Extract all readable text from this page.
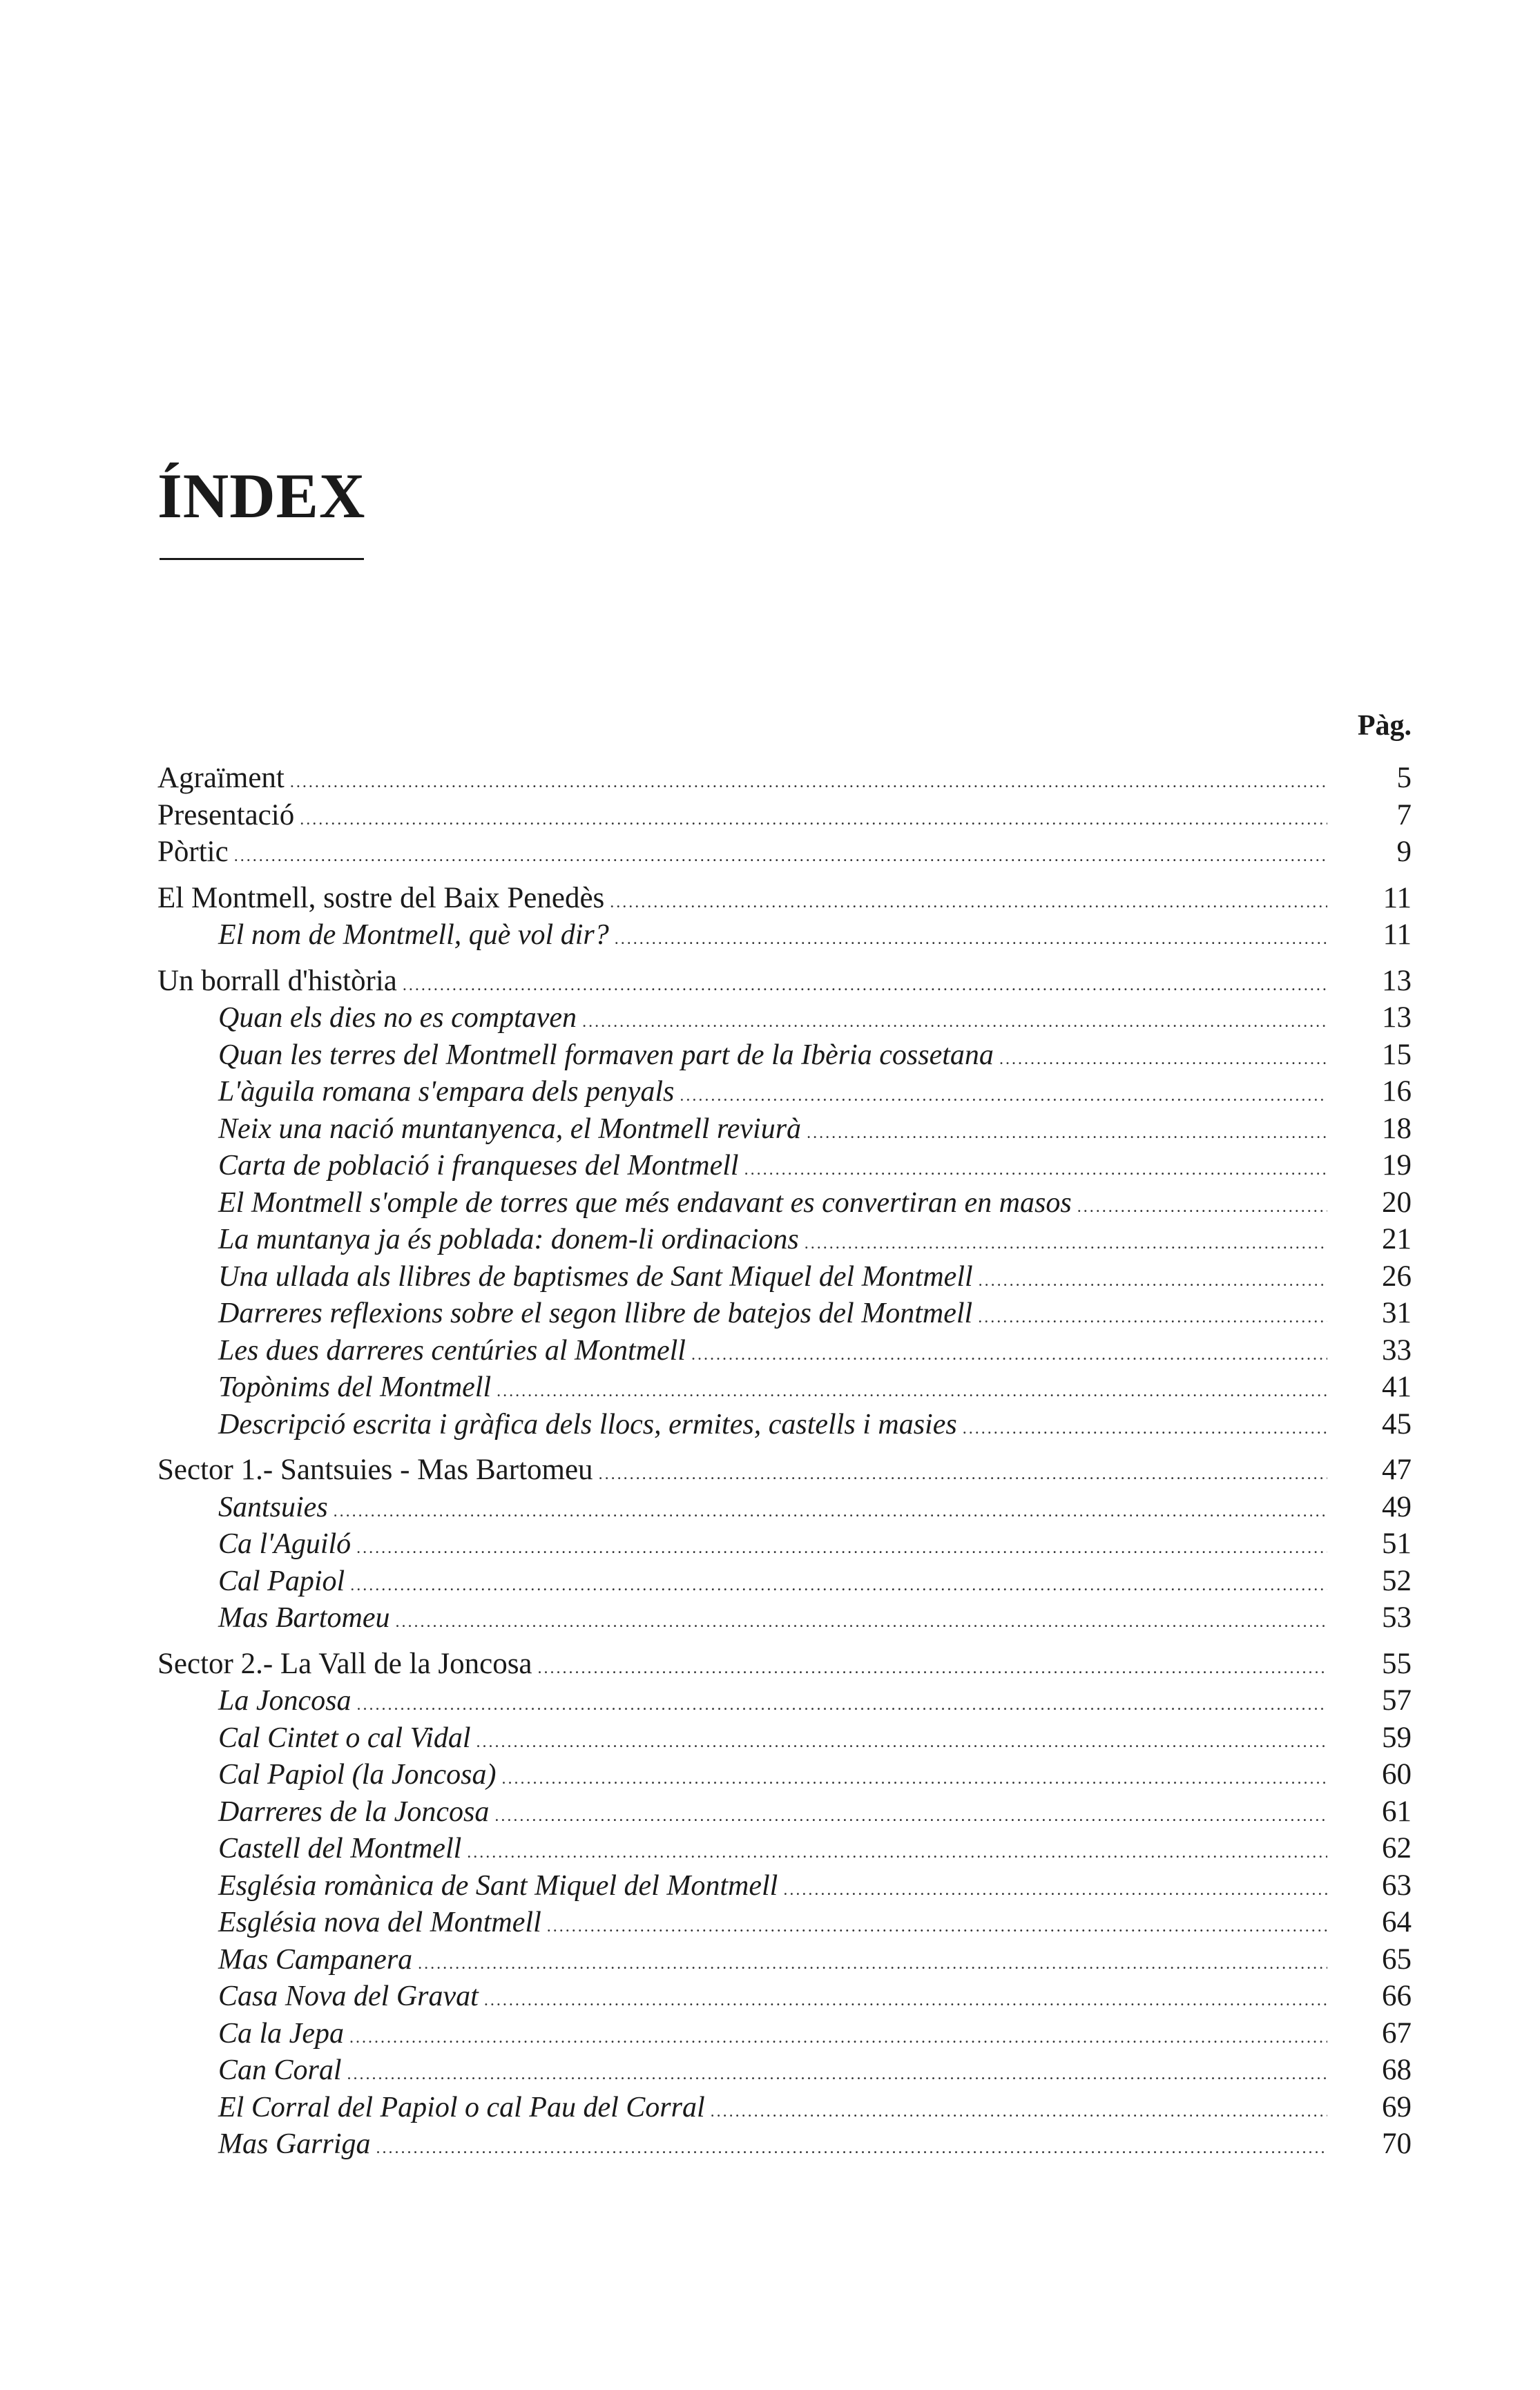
ÍNDEX
Pàg.
Agraïment .....	5
Presentació .....	7
Pòrtic .....	9
El Montmell, sostre del Baix Penedès .....	11
El nom de Montmell, què vol dir? .....	11
Un borrall d'història .....	13
Quan els dies no es comptaven .....	13
Quan les terres del Montmell formaven part de la Ibèria cossetana .....	15
L'àguila romana s'empara dels penyals .....	16
Neix una nació muntanyenca, el Montmell reviurà .....	18
Carta de població i franqueses del Montmell .....	19
El Montmell s'omple de torres que més endavant es convertiran en masos .....	20
La muntanya ja és poblada: donem-li ordinacions .....	21
Una ullada als llibres de baptismes de Sant Miquel del Montmell .....	26
Darreres reflexions sobre el segon llibre de batejos del Montmell .....	31
Les dues darreres centúries al Montmell .....	33
Topònims del Montmell .....	41
Descripció escrita i gràfica dels llocs, ermites, castells i masies .....	45
Sector 1.- Santsuies - Mas Bartomeu .....	47
Santsuies .....	49
Ca l'Aguiló .....	51
Cal Papiol .....	52
Mas Bartomeu .....	53
Sector 2.- La Vall de la Joncosa .....	55
La Joncosa .....	57
Cal Cintet o cal Vidal .....	59
Cal Papiol (la Joncosa) .....	60
Darreres de la Joncosa .....	61
Castell del Montmell .....	62
Església romànica de Sant Miquel del Montmell .....	63
Església nova del Montmell .....	64
Mas Campanera .....	65
Casa Nova del Gravat .....	66
Ca la Jepa .....	67
Can Coral .....	68
El Corral del Papiol o cal Pau del Corral .....	69
Mas Garriga .....	70
